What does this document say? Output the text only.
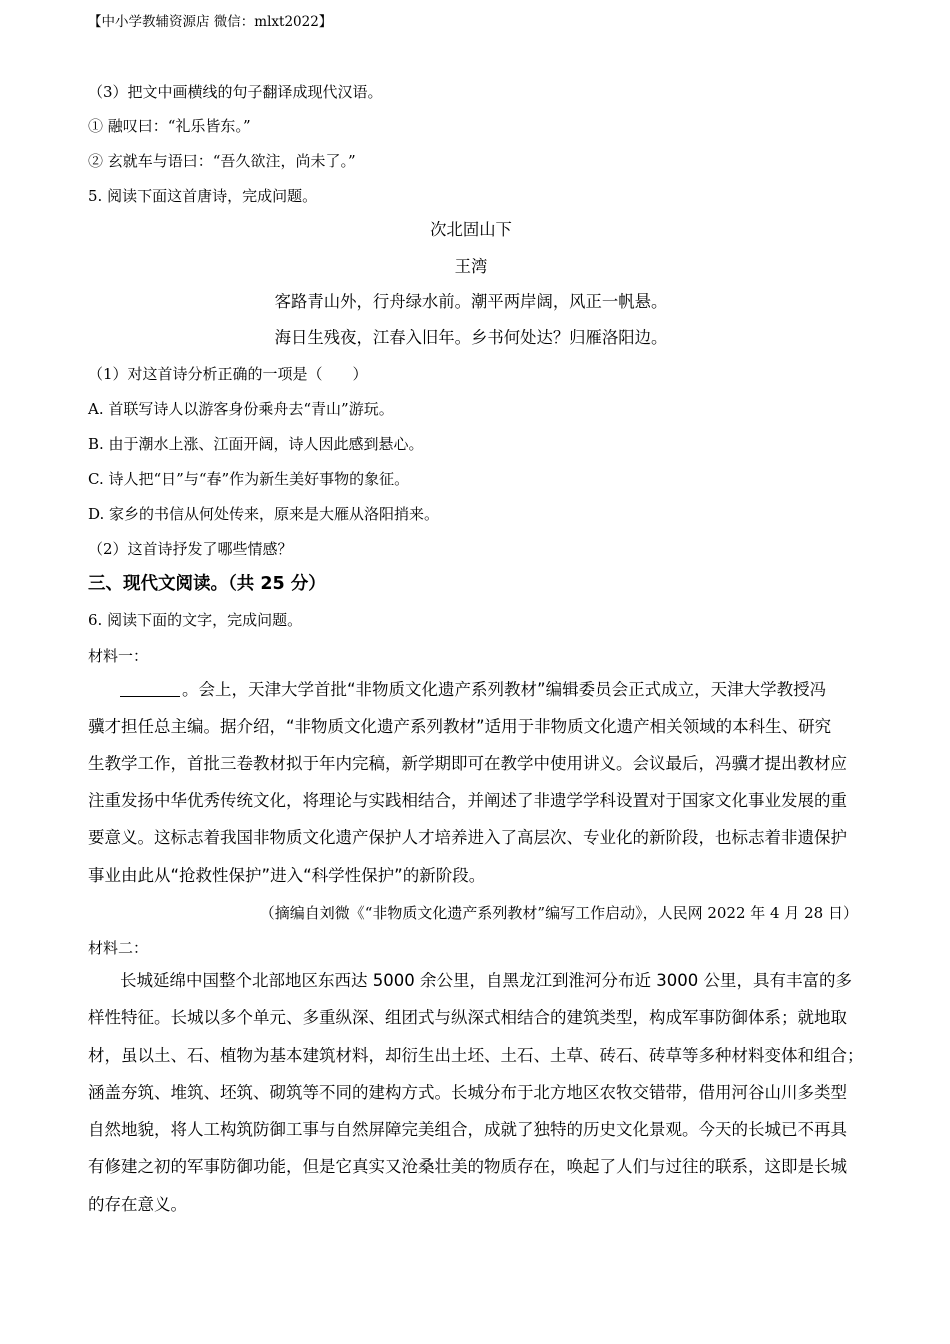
【中小学教辅资源店 微信：mlxt2022】
（3）把文中画横线的句子翻译成现代汉语。
① 融叹曰：“礼乐皆东。”
② 玄就车与语曰：“吾久欲注，尚未了。”
5. 阅读下面这首唐诗，完成问题。
次北固山下
王湾
客路青山外，行舟绿水前。潮平两岸阔，风正一帆悬。
海日生残夜，江春入旧年。乡书何处达？归雁洛阳边。
（1）对这首诗分析正确的一项是（　　）
A. 首联写诗人以游客身份乘舟去“青山”游玩。
B. 由于潮水上涨、江面开阔，诗人因此感到悬心。
C. 诗人把“日”与“春”作为新生美好事物的象征。
D. 家乡的书信从何处传来，原来是大雁从洛阳捎来。
（2）这首诗抒发了哪些情感？
三、现代文阅读。（共 25 分）
6. 阅读下面的文字，完成问题。
材料一：
。会上，天津大学首批“非物质文化遗产系列教材”编辑委员会正式成立，天津大学教授冯
骥才担任总主编。据介绍，“非物质文化遗产系列教材”适用于非物质文化遗产相关领域的本科生、研究
生教学工作，首批三卷教材拟于年内完稿，新学期即可在教学中使用讲义。会议最后，冯骥才提出教材应
注重发扬中华优秀传统文化，将理论与实践相结合，并阐述了非遗学学科设置对于国家文化事业发展的重
要意义。这标志着我国非物质文化遗产保护人才培养进入了高层次、专业化的新阶段，也标志着非遗保护
事业由此从“抢救性保护”进入“科学性保护”的新阶段。
（摘编自刘微《“非物质文化遗产系列教材”编写工作启动》，人民网 2022 年 4 月 28 日）
材料二：
长城延绵中国整个北部地区东西达 5000 余公里，自黑龙江到淮河分布近 3000 公里，具有丰富的多
样性特征。长城以多个单元、多重纵深、组团式与纵深式相结合的建筑类型，构成军事防御体系；就地取
材，虽以土、石、植物为基本建筑材料，却衍生出土坯、土石、土草、砖石、砖草等多种材料变体和组合；
涵盖夯筑、堆筑、坯筑、砌筑等不同的建构方式。长城分布于北方地区农牧交错带，借用河谷山川多类型
自然地貌，将人工构筑防御工事与自然屏障完美组合，成就了独特的历史文化景观。今天的长城已不再具
有修建之初的军事防御功能，但是它真实又沧桑壮美的物质存在，唤起了人们与过往的联系，这即是长城
的存在意义。
